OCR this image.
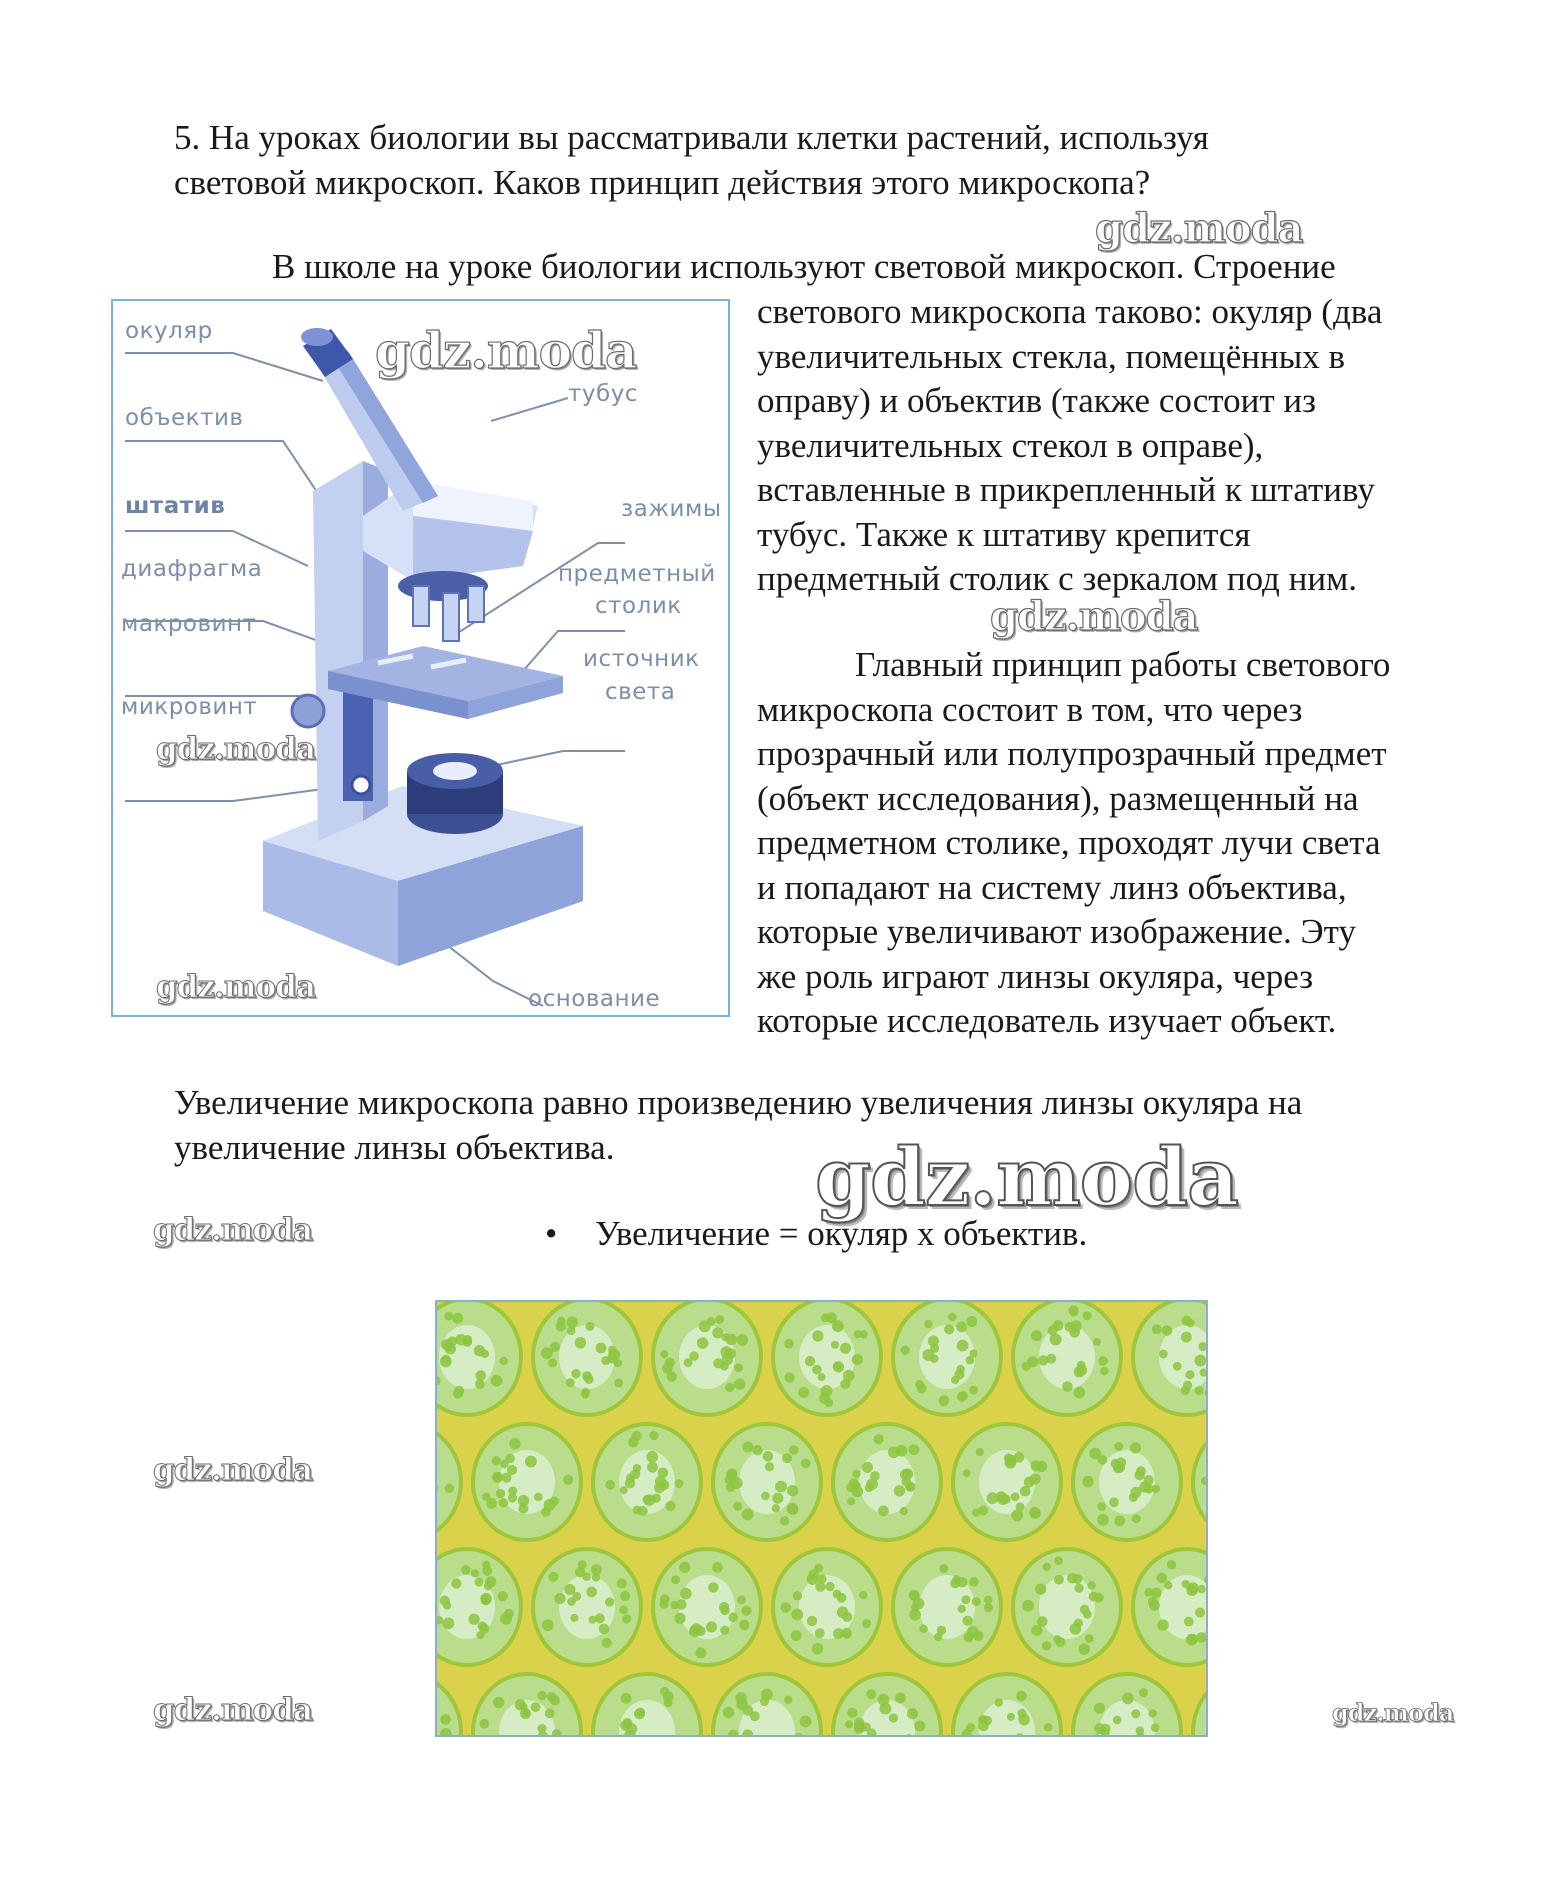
5. На уроках биологии вы рассматривали клетки растений, используя
световой микроскоп. Каков принцип действия этого микроскопа?
В школе на уроке биологии используют световой микроскоп. Строение
светового микроскопа таково: окуляр (два
увеличительных стекла, помещённых в
оправу) и объектив (также состоит из
увеличительных стекол в оправе),
вставленные в прикрепленный к штативу
тубус. Также к штативу крепится
предметный столик с зеркалом под ним.
Главный принцип работы светового
микроскопа состоит в том, что через
прозрачный или полупрозрачный предмет
(объект исследования), размещенный на
предметном столике, проходят лучи света
и попадают на систему линз объектива,
которые увеличивают изображение. Эту
же роль играют линзы окуляра, через
которые исследователь изучает объект.
Увеличение микроскопа равно произведению увеличения линзы окуляра на
увеличение линзы объектива.
• Увеличение = окуляр х объектив.
окуляр
тубус
объектив
штатив	зажимы
диафрагма	предметный
столик
макровинт
источник
света
микровинт
основание
gdz.moda
gdz.moda
gdz.moda
gdz.moda
gdz.moda
gdz.moda
gdz.moda
gdz.moda
gdz.moda	gdz.moda
